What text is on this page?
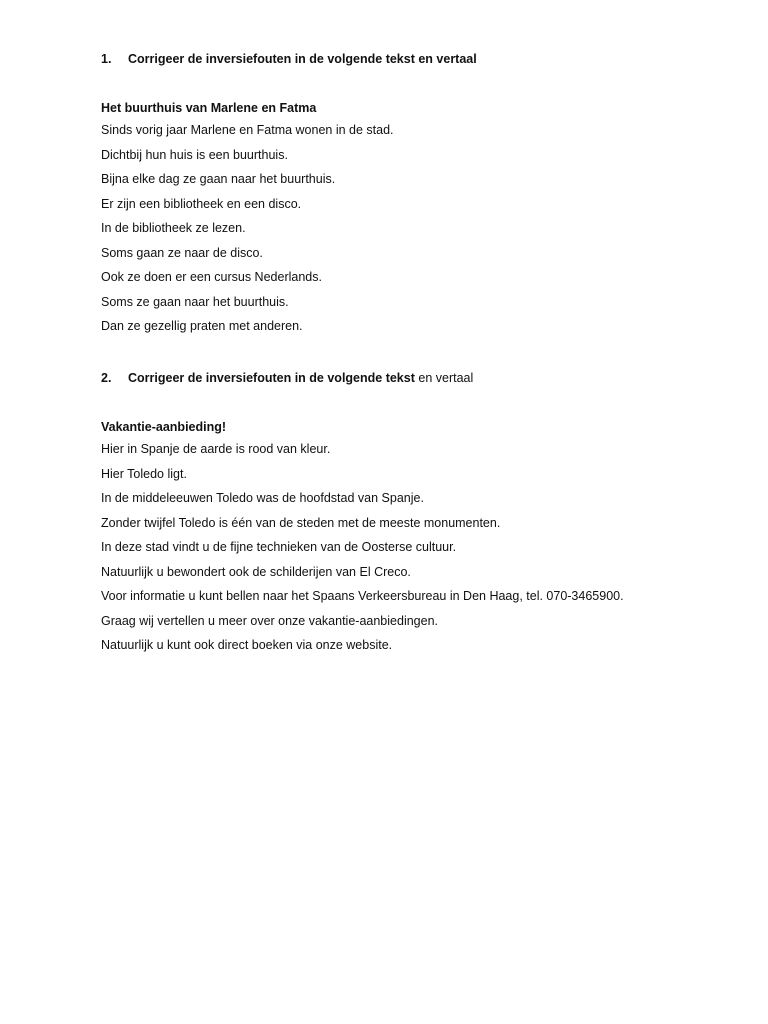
1. Corrigeer de inversiefouten in de volgende tekst en vertaal
Het buurthuis van Marlene en Fatma
Sinds vorig jaar Marlene en Fatma wonen in de stad.
Dichtbij hun huis is een buurthuis.
Bijna elke dag ze gaan naar het buurthuis.
Er zijn een bibliotheek en een disco.
In de bibliotheek ze lezen.
Soms gaan ze naar de disco.
Ook ze doen er een cursus Nederlands.
Soms ze gaan naar het buurthuis.
Dan ze gezellig praten met anderen.
2. Corrigeer de inversiefouten in de volgende tekst en vertaal
Vakantie-aanbieding!
Hier in Spanje de aarde is rood van kleur.
Hier Toledo ligt.
In de middeleeuwen Toledo was de hoofdstad van Spanje.
Zonder twijfel Toledo is één van de steden met de meeste monumenten.
In deze stad vindt u de fijne technieken van de Oosterse cultuur.
Natuurlijk u bewondert ook de schilderijen van El Creco.
Voor informatie u kunt bellen naar het Spaans Verkeersbureau in Den Haag, tel. 070-3465900.
Graag wij vertellen u meer over onze vakantie-aanbiedingen.
Natuurlijk u kunt ook direct boeken via onze website.
